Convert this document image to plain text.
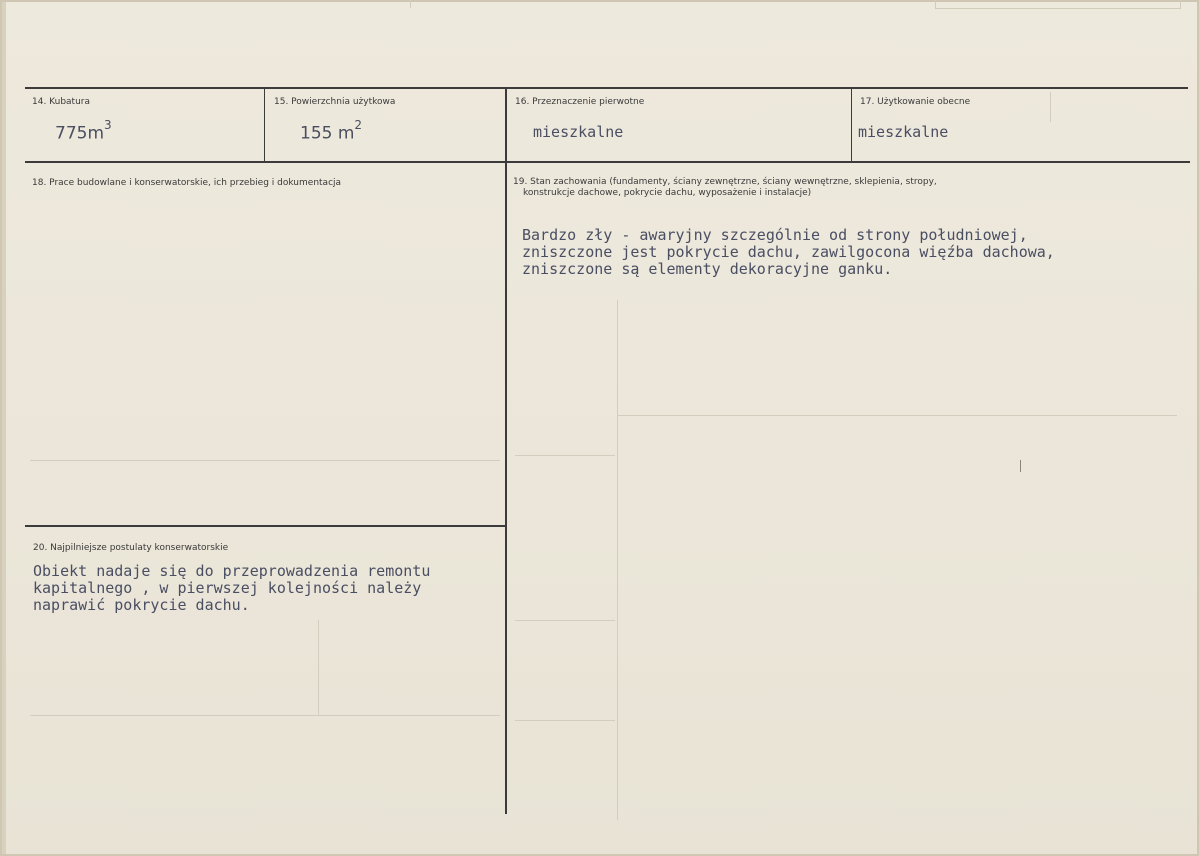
14. Kubatura
$775m^3$
15. Powierzchnia użytkowa
155 $m^2$
16. Przeznaczenie pierwotne
mieszkalne
17. Użytkowanie obecne
mieszkalne
18. Prace budowlane i konserwatorskie, ich przebieg i dokumentacja	19. Stan zachowania (fundamenty, ściany zewnętrzne, ściany wewnętrzne, sklepienia, stropy,
konstrukcje dachowe, pokrycie dachu, wyposażenie i instalacje)
Bardzo zły - awaryjny szczególnie od strony południowej,
zniszczone jest pokrycie dachu, zawilgocona więźba dachowa,
zniszczone są elementy dekoracyjne ganku.
20. Najpilniejsze postulaty konserwatorskie
Obiekt nadaje się do przeprowadzenia remontu
kapitalnego , w pierwszej kolejności należy
naprawić pokrycie dachu.
